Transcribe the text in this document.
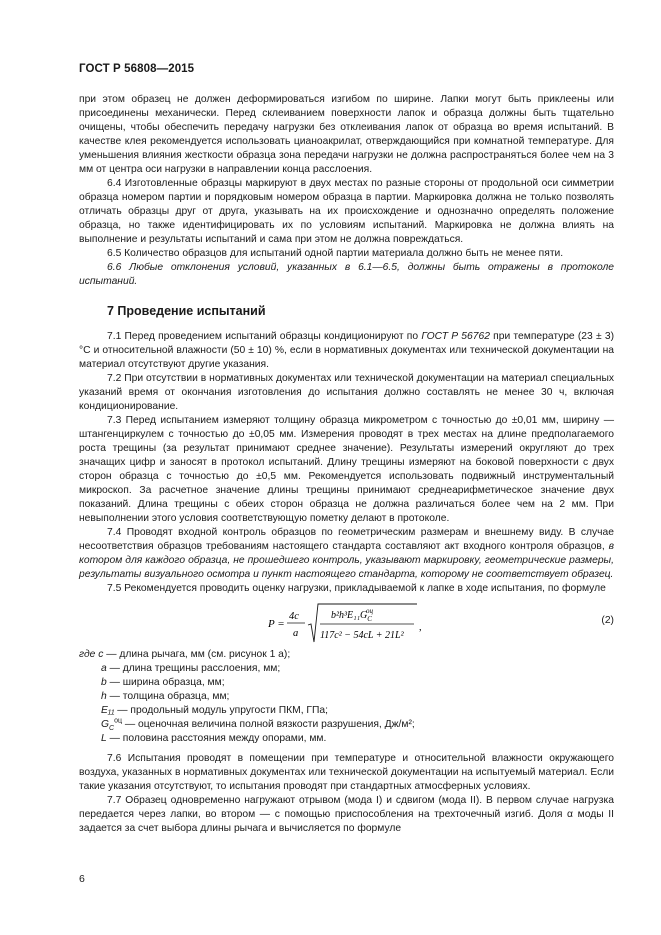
ГОСТ Р 56808—2015

при этом образец не должен деформироваться изгибом по ширине. Лапки могут быть приклеены или присоединены механически. Перед склеиванием поверхности лапок и образца должны быть тщательно очищены, чтобы обеспечить передачу нагрузки без отклеивания лапок от образца во время испытаний. В качестве клея рекомендуется использовать цианоакрилат, отверждающийся при комнатной температуре. Для уменьшения влияния жесткости образца зона передачи нагрузки не должна распространяться более чем на 3 мм от центра оси нагрузки в направлении конца расслоения.

6.4 Изготовленные образцы маркируют в двух местах по разные стороны от продольной оси симметрии образца номером партии и порядковым номером образца в партии. Маркировка должна не только позволять отличать образцы друг от друга, указывать на их происхождение и однозначно определять положение образца, но также идентифицировать их по условиям испытаний. Маркировка не должна влиять на выполнение и результаты испытаний и сама при этом не должна повреждаться.

6.5 Количество образцов для испытаний одной партии материала должно быть не менее пяти.

6.6 Любые отклонения условий, указанных в 6.1—6.5, должны быть отражены в протоколе испытаний.

7 Проведение испытаний

7.1 Перед проведением испытаний образцы кондиционируют по ГОСТ Р 56762 при температуре (23 ± 3) °С и относительной влажности (50 ± 10) %, если в нормативных документах или технической документации на материал отсутствуют другие указания.

7.2 При отсутствии в нормативных документах или технической документации на материал специальных указаний время от окончания изготовления до испытания должно составлять не менее 30 ч, включая кондиционирование.

7.3 Перед испытанием измеряют толщину образца микрометром с точностью до ±0,01 мм, ширину — штангенциркулем с точностью до ±0,05 мм. Измерения проводят в трех местах на длине предполагаемого роста трещины (за результат принимают среднее значение). Результаты измерений округляют до трех значащих цифр и заносят в протокол испытаний. Длину трещины измеряют на боковой поверхности с двух сторон образца с точностью до ±0,5 мм. Рекомендуется использовать подвижный инструментальный микроскоп. За расчетное значение длины трещины принимают среднеарифметическое значение двух показаний. Длина трещины с обеих сторон образца не должна различаться более чем на 2 мм. При невыполнении этого условия соответствующую пометку делают в протоколе.

7.4 Проводят входной контроль образцов по геометрическим размерам и внешнему виду. В случае несоответствия образцов требованиям настоящего стандарта составляют акт входного контроля образцов, в котором для каждого образца, не прошедшего контроль, указывают маркировку, геометрические размеры, результаты визуального осмотра и пункт настоящего стандарта, которому не соответствует образец.

7.5 Рекомендуется проводить оценку нагрузки, прикладываемой к лапке в ходе испытания, по формуле

P =
4c
a
$b^2h^3E_{11}G_Cоц$
117c² − 54cL + 21L²
,
(2)

где c — длина рычага, мм (см. рисунок 1 а);

a — длина трещины расслоения, мм;

b — ширина образца, мм;

h — толщина образца, мм;

E₁₁ — продольный модуль упругости ПКМ, ГПа;

$G_C^{оц}$ — оценочная величина полной вязкости разрушения, Дж/м²;

L — половина расстояния между опорами, мм.

7.6 Испытания проводят в помещении при температуре и относительной влажности окружающего воздуха, указанных в нормативных документах или технической документации на испытуемый материал. Если такие указания отсутствуют, то испытания проводят при стандартных атмосферных условиях.

7.7 Образец одновременно нагружают отрывом (мода I) и сдвигом (мода II). В первом случае нагрузка передается через лапки, во втором — с помощью приспособления на трехточечный изгиб. Доля α моды II задается за счет выбора длины рычага и вычисляется по формуле

6
